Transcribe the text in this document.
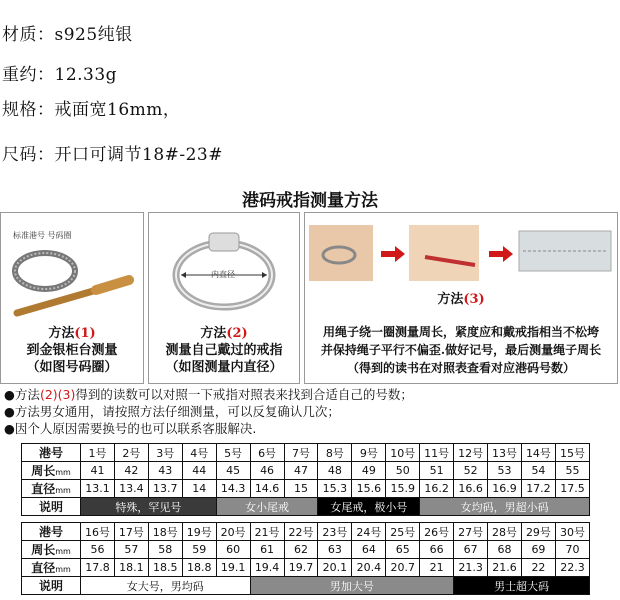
材质：s925纯银
重约：12.33g
规格：戒面宽16mm，
尺码：开口可调节18#-23#
港码戒指测量方法
标准港号 号码圈
方法(1)
到金银柜台测量
（如图号码圈）
内直径
方法(2)
测量自己戴过的戒指
（如图测量内直径）
方法(3)
用绳子绕一圈测量周长，紧度应和戴戒指相当不松垮
并保持绳子平行不偏歪.做好记号，最后测量绳子周长
（得到的读书在对照表查看对应港码号数）
●方法(2)(3)得到的读数可以对照一下戒指对照表来找到合适自己的号数；
●方法男女通用，请按照方法仔细测量，可以反复确认几次；
●因个人原因需要换号的也可以联系客服解决.
港号	1号	2号	3号	4号	5号	6号	7号	8号	9号	10号	11号	12号	13号	14号	15号
周长mm	41	42	43	44	45	46	47	48	49	50	51	52	53	54	55
直径mm	13.1	13.4	13.7	14	14.3	14.6	15	15.3	15.6	15.9	16.2	16.6	16.9	17.2	17.5
说明	特殊，罕见号				女小尾戒			女尾戒，极小号			女均码，男超小码				
港号	16号	17号	18号	19号	20号	21号	22号	23号	24号	25号	26号	27号	28号	29号	30号
周长mm	56	57	58	59	60	61	62	63	64	65	66	67	68	69	70
直径mm	17.8	18.1	18.5	18.8	19.1	19.4	19.7	20.1	20.4	20.7	21	21.3	21.6	22	22.3
说明	女大号，男均码					男加大号						男士超大码			
